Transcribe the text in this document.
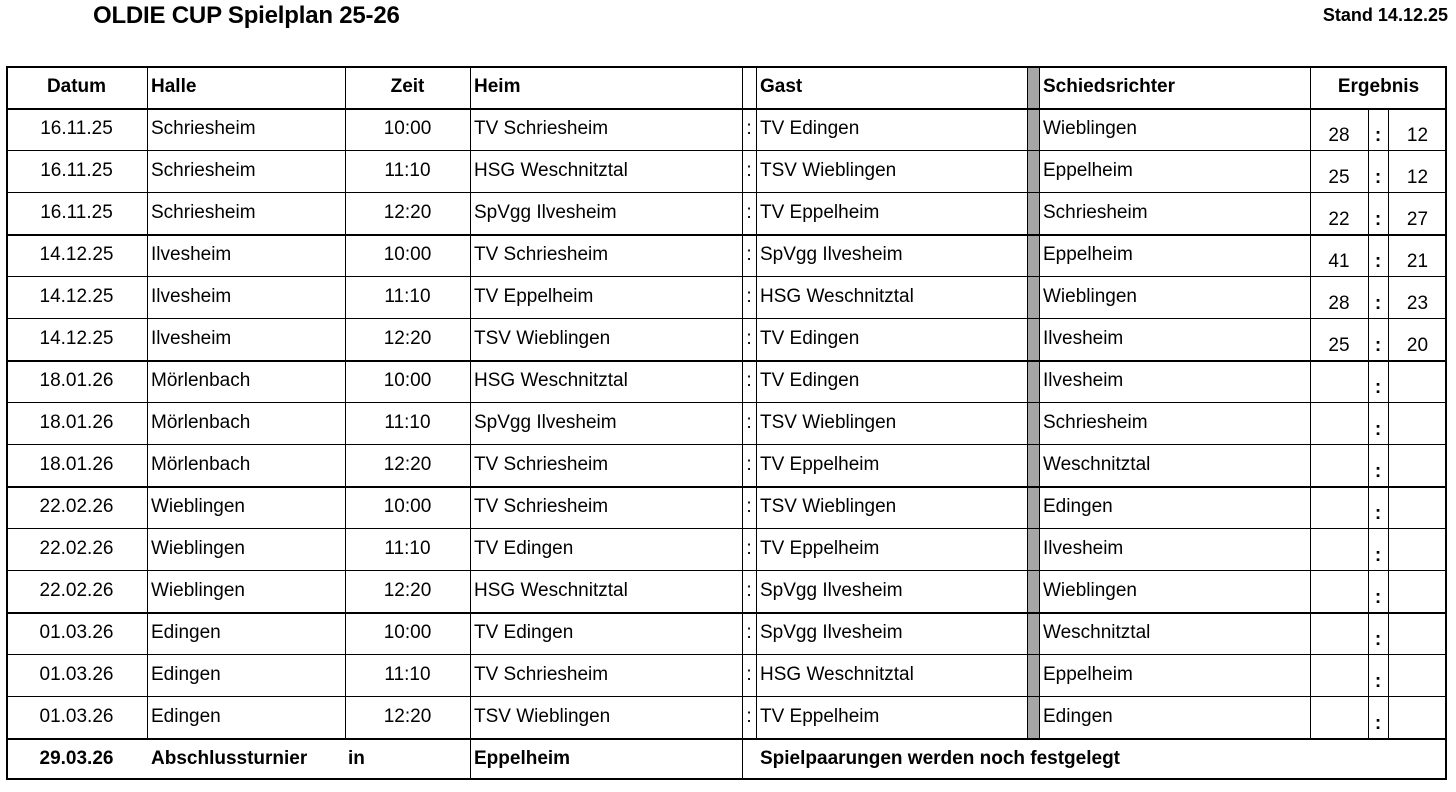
OLDIE CUP Spielplan 25-26	Stand 14.12.25
Datum	Halle	Zeit	Heim	Gast	Schiedsrichter	Ergebnis
16.11.25	Schriesheim	10:00	TV Schriesheim	: TV Edingen	Wieblingen	28	:	12
16.11.25	Schriesheim	11:10	HSG Weschnitztal	: TSV Wieblingen	Eppelheim	25	:	12
16.11.25	Schriesheim	12:20	SpVgg Ilvesheim	: TV Eppelheim	Schriesheim	22	:	27
14.12.25	Ilvesheim	10:00	TV Schriesheim	: SpVgg Ilvesheim	Eppelheim	41	:	21
14.12.25	Ilvesheim	11:10	TV Eppelheim	: HSG Weschnitztal	Wieblingen	28	:	23
14.12.25	Ilvesheim	12:20	TSV Wieblingen	: TV Edingen	Ilvesheim	25	:	20
18.01.26	Mörlenbach	10:00	HSG Weschnitztal	: TV Edingen	Ilvesheim	:
18.01.26	Mörlenbach	11:10	SpVgg Ilvesheim	: TSV Wieblingen	Schriesheim	:
18.01.26	Mörlenbach	12:20	TV Schriesheim	: TV Eppelheim	Weschnitztal	:
22.02.26	Wieblingen	10:00	TV Schriesheim	: TSV Wieblingen	Edingen	:
22.02.26	Wieblingen	11:10	TV Edingen	: TV Eppelheim	Ilvesheim	:
22.02.26	Wieblingen	12:20	HSG Weschnitztal	: SpVgg Ilvesheim	Wieblingen	:
01.03.26	Edingen	10:00	TV Edingen	: SpVgg Ilvesheim	Weschnitztal	:
01.03.26	Edingen	11:10	TV Schriesheim	: HSG Weschnitztal	Eppelheim	:
01.03.26	Edingen	12:20	TSV Wieblingen	: TV Eppelheim	Edingen	:
29.03.26	Abschlussturnier	in	Eppelheim	Spielpaarungen werden noch festgelegt
